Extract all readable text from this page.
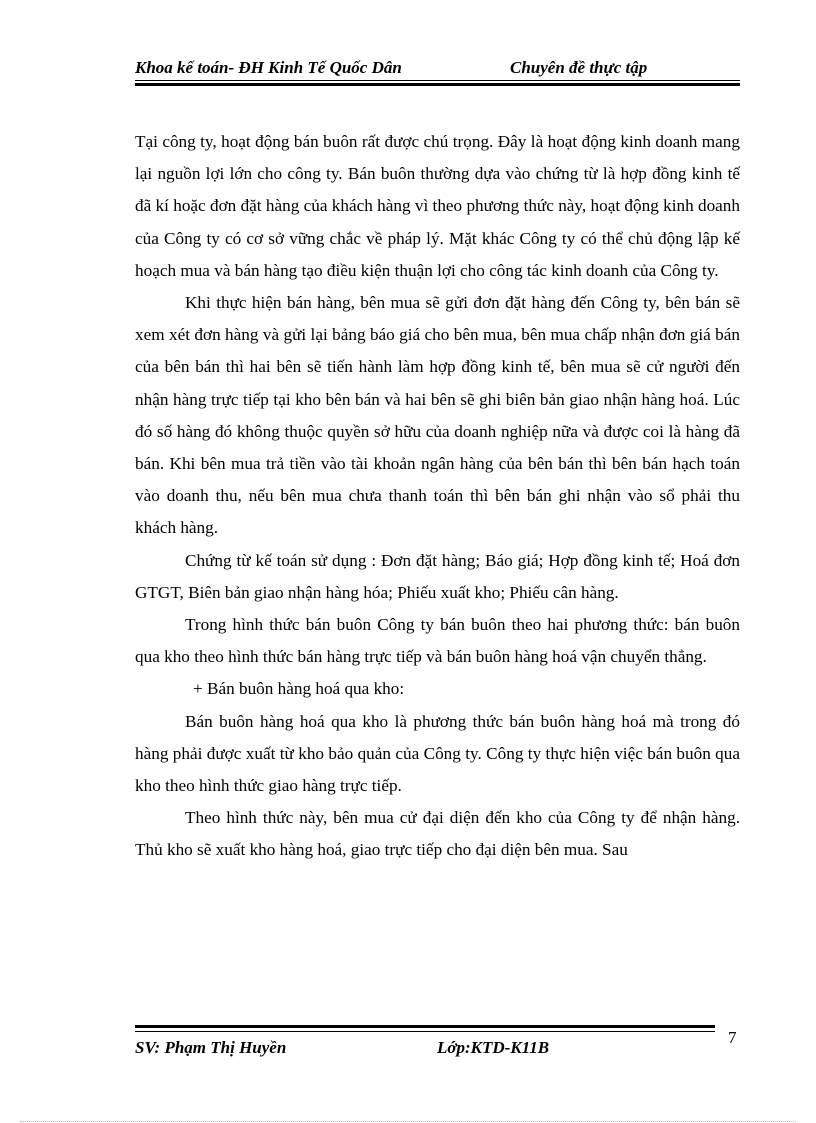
Khoa kế toán- ĐH Kinh Tế Quốc Dân	Chuyên đề thực tập

Tại công ty, hoạt động bán buôn rất được chú trọng. Đây là hoạt động kinh doanh mang lại nguồn lợi lớn cho công ty. Bán buôn thường dựa vào chứng từ là hợp đồng kinh tế đã kí hoặc đơn đặt hàng của khách hàng vì theo phương thức này, hoạt động kinh doanh của Công ty có cơ sở vững chắc về pháp lý. Mặt khác Công ty có thể chủ động lập kế hoạch mua và bán hàng tạo điều kiện thuận lợi cho công tác kinh doanh của Công ty.

Khi thực hiện bán hàng, bên mua sẽ gửi đơn đặt hàng đến Công ty, bên bán sẽ xem xét đơn hàng và gửi lại bảng báo giá cho bên mua, bên mua chấp nhận đơn giá bán của bên bán thì hai bên sẽ tiến hành làm hợp đồng kinh tế, bên mua sẽ cử người đến nhận hàng trực tiếp tại kho bên bán và hai bên sẽ ghi biên bản giao nhận hàng hoá. Lúc đó số hàng đó không thuộc quyền sở hữu của doanh nghiệp nữa và được coi là hàng đã bán. Khi bên mua trả tiền vào tài khoản ngân hàng của bên bán thì bên bán hạch toán vào doanh thu, nếu bên mua chưa thanh toán thì bên bán ghi nhận vào sổ phải thu khách hàng.

Chứng từ kế toán sử dụng : Đơn đặt hàng; Báo giá; Hợp đồng kinh tế; Hoá đơn GTGT, Biên bản giao nhận hàng hóa; Phiếu xuất kho; Phiếu cân hàng.

Trong hình thức bán buôn Công ty bán buôn theo hai phương thức: bán buôn qua kho theo hình thức bán hàng trực tiếp và bán buôn hàng hoá vận chuyển thẳng.

+ Bán buôn hàng hoá qua kho:

Bán buôn hàng hoá qua kho là phương thức bán buôn hàng hoá mà trong đó hàng phải được xuất từ kho bảo quản của Công ty. Công ty thực hiện việc bán buôn qua kho theo hình thức giao hàng trực tiếp.

Theo hình thức này, bên mua cử đại diện đến kho của Công ty để nhận hàng. Thủ kho sẽ xuất kho hàng hoá, giao trực tiếp cho đại diện bên mua. Sau

SV: Phạm Thị Huyền	Lớp:KTD-K11B
7
